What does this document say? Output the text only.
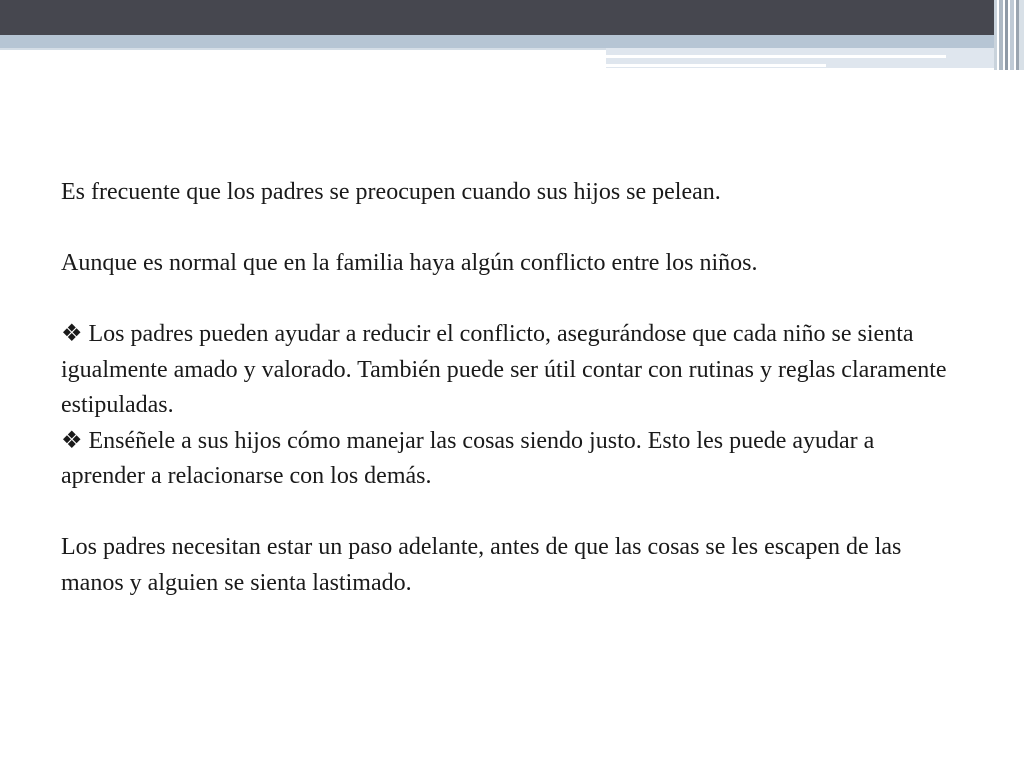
Es frecuente que los padres se preocupen cuando sus hijos se pelean.

Aunque es normal que en la familia haya algún conflicto entre los niños.

❖ Los padres pueden ayudar a reducir el conflicto, asegurándose que cada niño se sienta igualmente amado y valorado. También puede ser útil contar con rutinas y reglas claramente estipuladas.

❖ Enséñele a sus hijos cómo manejar las cosas siendo justo. Esto les puede ayudar a aprender a relacionarse con los demás.

Los padres necesitan estar un paso adelante, antes de que las cosas se les escapen de las manos y alguien se sienta lastimado.
